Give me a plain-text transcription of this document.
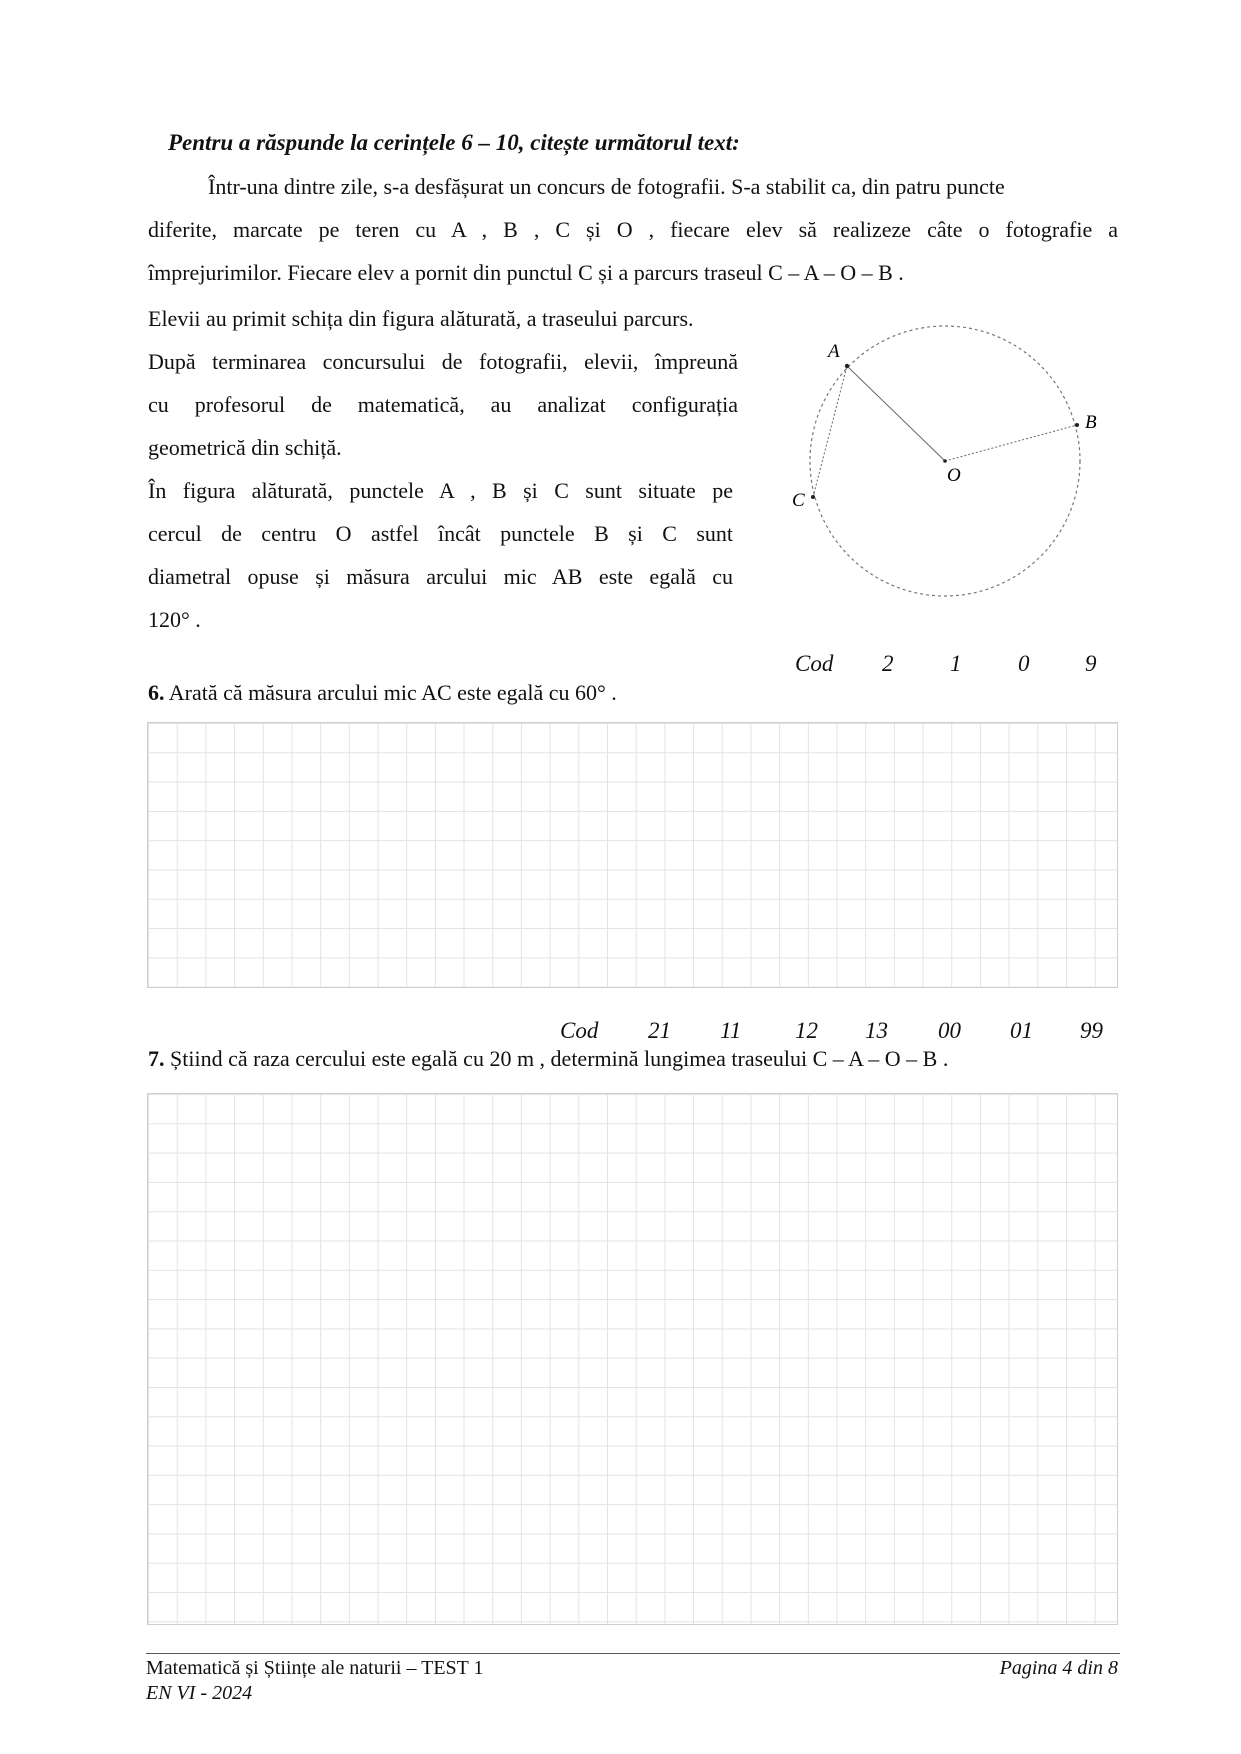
Pentru a răspunde la cerințele 6 – 10, citește următorul text:
Într-una dintre zile, s-a desfășurat un concurs de fotografii. S-a stabilit ca, din patru puncte
diferite, marcate pe teren cu A , B , C și O , fiecare elev să realizeze câte o fotografie a
împrejurimilor. Fiecare elev a pornit din punctul C și a parcurs traseul C – A – O – B .
Elevii au primit schița din figura alăturată, a traseului parcurs.
După terminarea concursului de fotografii, elevii, împreună
cu profesorul de matematică, au analizat configurația
geometrică din schiță.
În figura alăturată, punctele A , B și C sunt situate pe
cercul de centru O astfel încât punctele B și C sunt
diametral opuse și măsura arcului mic AB este egală cu
120° .
A
B
C
O
Cod 2 1 0 9
6. Arată că măsura arcului mic AC este egală cu 60° .
Cod 21 11 12 13 00 01 99
7. Știind că raza cercului este egală cu 20 m , determină lungimea traseului C – A – O – B .
Matematică și Științe ale naturii – TEST 1
EN VI - 2024
Pagina 4 din 8
